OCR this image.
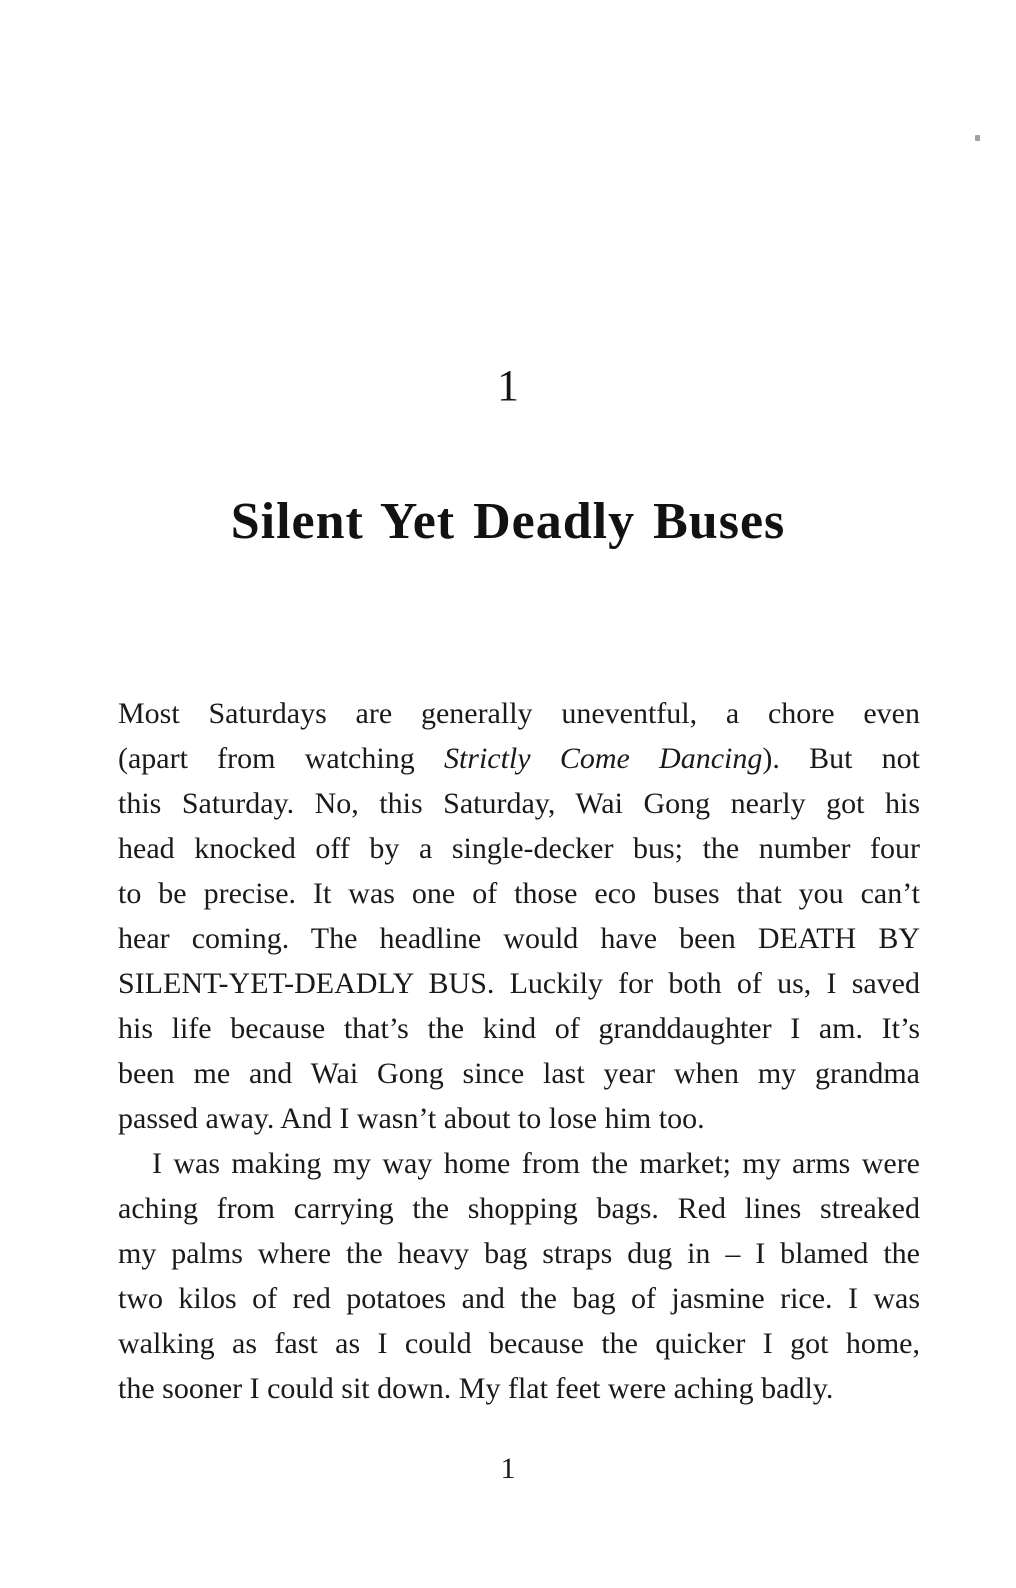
1
Silent Yet Deadly Buses
Most Saturdays are generally uneventful, a chore even
(apart from watching Strictly Come Dancing). But not
this Saturday. No, this Saturday, Wai Gong nearly got his
head knocked off by a single-decker bus; the number four
to be precise. It was one of those eco buses that you can’t
hear coming. The headline would have been DEATH BY
SILENT-YET-DEADLY BUS. Luckily for both of us, I saved
his life because that’s the kind of granddaughter I am. It’s
been me and Wai Gong since last year when my grandma
passed away. And I wasn’t about to lose him too.
I was making my way home from the market; my arms were
aching from carrying the shopping bags. Red lines streaked
my palms where the heavy bag straps dug in – I blamed the
two kilos of red potatoes and the bag of jasmine rice. I was
walking as fast as I could because the quicker I got home,
the sooner I could sit down. My flat feet were aching badly.
1
